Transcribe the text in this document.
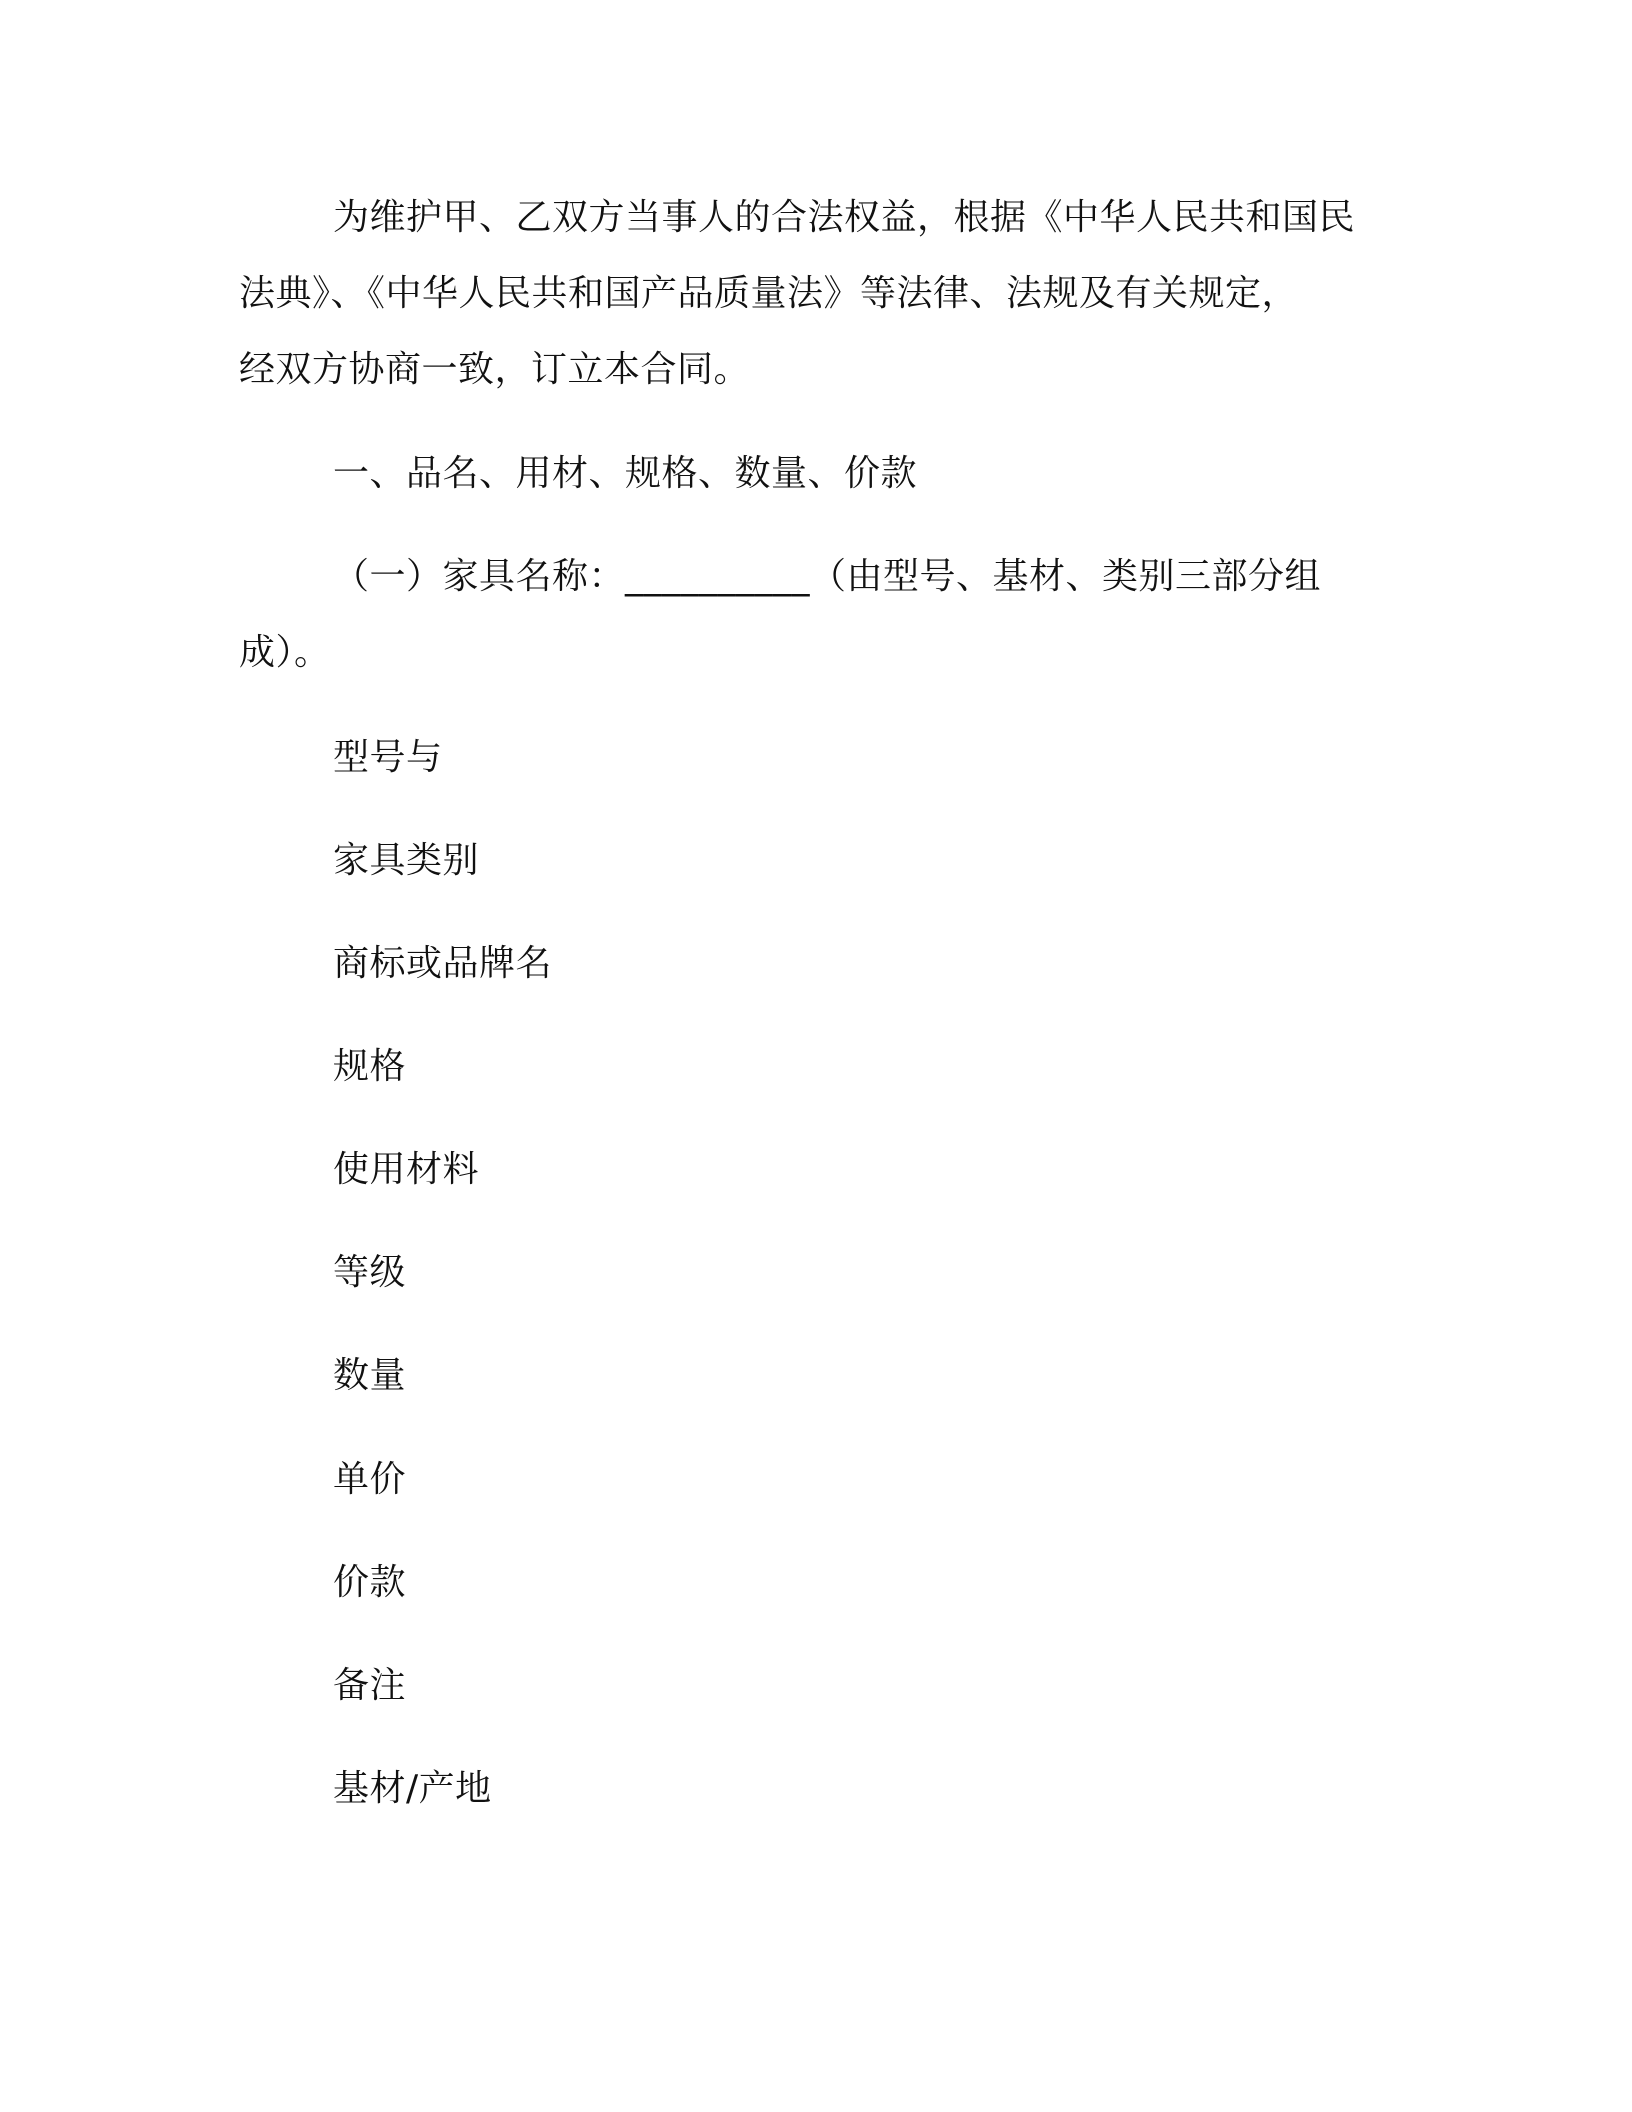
为维护甲、乙双方当事人的合法权益，根据《中华人民共和国民
法典》、《中华人民共和国产品质量法》等法律、法规及有关规定，
经双方协商一致，订立本合同。
一、品名、用材、规格、数量、价款
（一）家具名称：__________（由型号、基材、类别三部分组
成）。
型号与
家具类别
商标或品牌名
规格
使用材料
等级
数量
单价
价款
备注
基材/产地
